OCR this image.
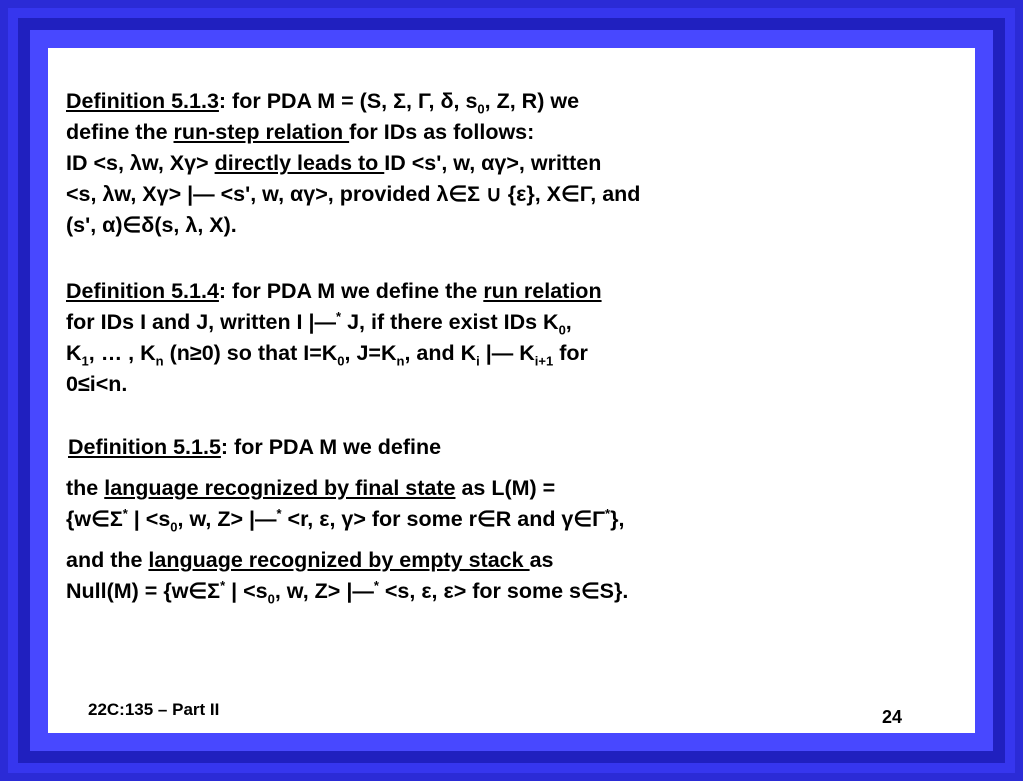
Definition 5.1.3: for PDA M = (S, Σ, Γ, δ, $s_0$, Z, R) we
define the run-step relation for IDs as follows:
ID <s, λw, Xγ> directly leads to ID <s', w, αγ>, written
<s, λw, Xγ> |— <s', w, αγ>, provided λ∈Σ ∪ {ε}, X∈Γ, and
(s', α)∈δ(s, λ, X).
Definition 5.1.4: for PDA M we define the run relation
for IDs I and J, written I |—* J, if there exist IDs $K_0$,
$K_1$, … , $K_n$ (n≥0) so that $I=K_0$, $J=K_n$, and $K_i$ |— $K_{i+1}$ for
0≤i<n.
Definition 5.1.5: for PDA M we define
the language recognized by final state as L(M) =
{w∈Σ* | $<s_0$, w, Z> |—* <r, ε, γ> for some r∈R and γ∈Γ*},
and the language recognized by empty stack as
Null(M) = {w∈Σ* | $<s_0$, w, Z> |—* <s, ε, ε> for some s∈S}.
22C:135 – Part II	24
